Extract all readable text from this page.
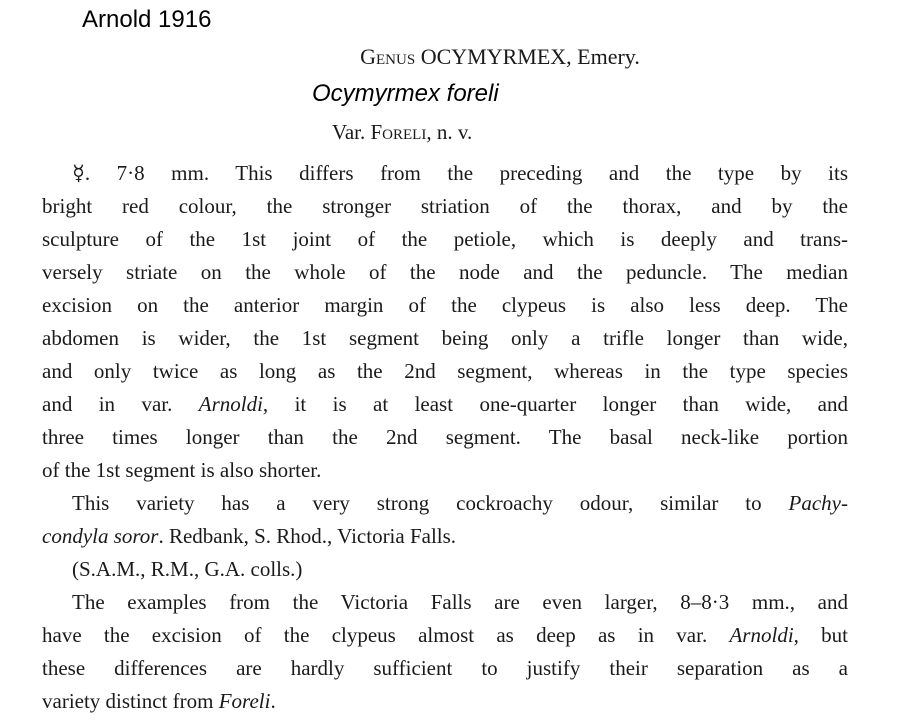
Arnold 1916
Genus OCYMYRMEX, Emery.
Ocymyrmex foreli
Var. Foreli, n. v.
☿. 7·8 mm. This differs from the preceding and the type by its
bright red colour, the stronger striation of the thorax, and by the
sculpture of the 1st joint of the petiole, which is deeply and trans-
versely striate on the whole of the node and the peduncle. The median
excision on the anterior margin of the clypeus is also less deep. The
abdomen is wider, the 1st segment being only a trifle longer than wide,
and only twice as long as the 2nd segment, whereas in the type species
and in var. Arnoldi, it is at least one-quarter longer than wide, and
three times longer than the 2nd segment. The basal neck-like portion
of the 1st segment is also shorter.
This variety has a very strong cockroachy odour, similar to Pachy-
condyla soror. Redbank, S. Rhod., Victoria Falls.
(S.A.M., R.M., G.A. colls.)
The examples from the Victoria Falls are even larger, 8–8·3 mm., and
have the excision of the clypeus almost as deep as in var. Arnoldi, but
these differences are hardly sufficient to justify their separation as a
variety distinct from Foreli.
